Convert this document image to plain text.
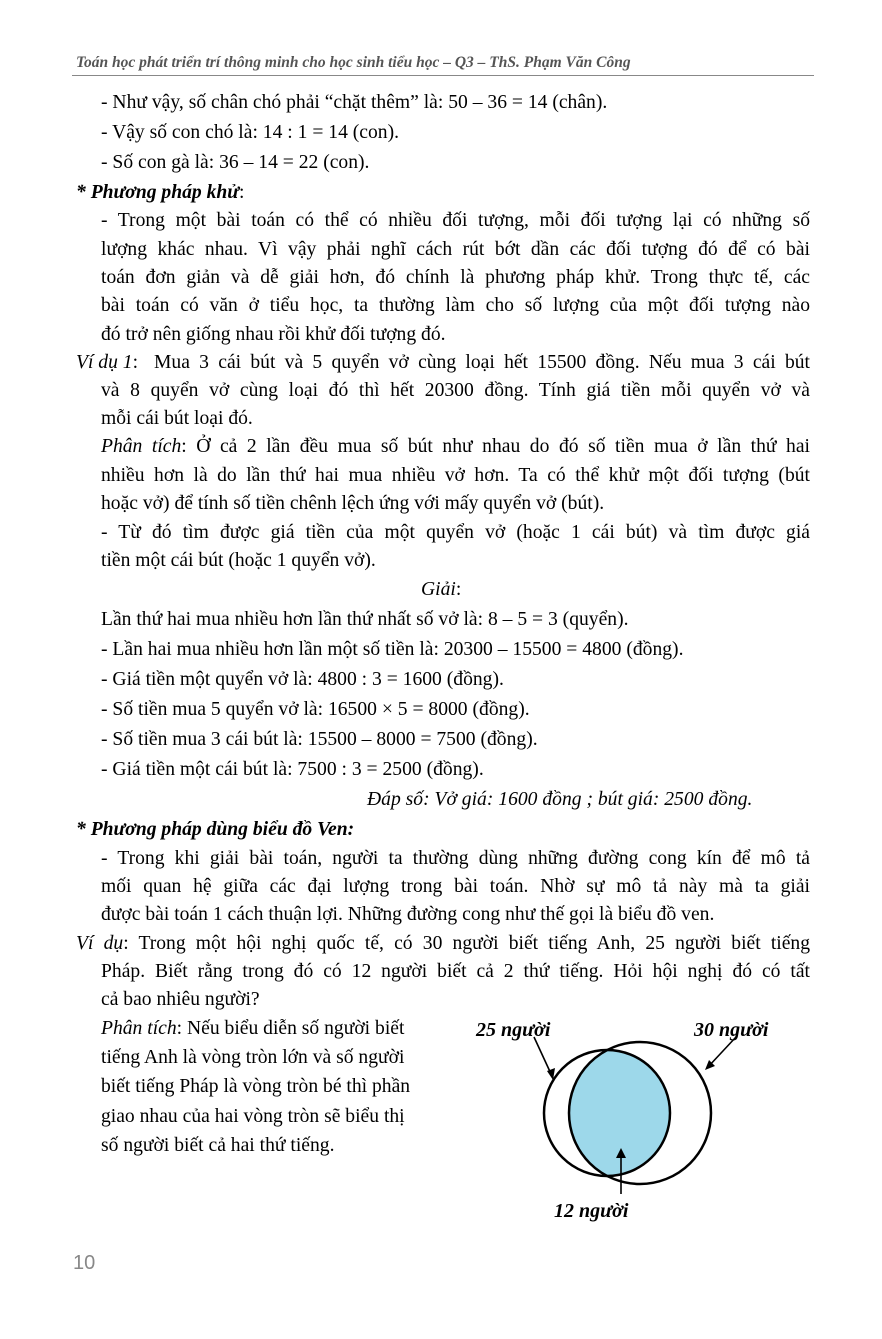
Toán học phát triển trí thông minh cho học sinh tiểu học – Q3 – ThS. Phạm Văn Công
- Như vậy, số chân chó phải “chặt thêm” là: 50 – 36 = 14 (chân).
- Vậy số con chó là: 14 : 1 = 14 (con).
- Số con gà là: 36 – 14 = 22 (con).
* Phương pháp khử:
- Trong một bài toán có thể có nhiều đối tượng, mỗi đối tượng lại có những số
lượng khác nhau. Vì vậy phải nghĩ cách rút bớt dần các đối tượng đó để có bài
toán đơn giản và dễ giải hơn, đó chính là phương pháp khử. Trong thực tế, các
bài toán có văn ở tiểu học, ta thường làm cho số lượng của một đối tượng nào
đó trở nên giống nhau rồi khử đối tượng đó.
Ví dụ 1: Mua 3 cái bút và 5 quyển vở cùng loại hết 15500 đồng. Nếu mua 3 cái bút
và 8 quyển vở cùng loại đó thì hết 20300 đồng. Tính giá tiền mỗi quyển vở và
mỗi cái bút loại đó.
Phân tích: Ở cả 2 lần đều mua số bút như nhau do đó số tiền mua ở lần thứ hai
nhiều hơn là do lần thứ hai mua nhiều vở hơn. Ta có thể khử một đối tượng (bút
hoặc vở) để tính số tiền chênh lệch ứng với mấy quyển vở (bút).
- Từ đó tìm được giá tiền của một quyển vở (hoặc 1 cái bút) và tìm được giá
tiền một cái bút (hoặc 1 quyển vở).
Giải:
Lần thứ hai mua nhiều hơn lần thứ nhất số vở là: 8 – 5 = 3 (quyển).
- Lần hai mua nhiều hơn lần một số tiền là: 20300 – 15500 = 4800 (đồng).
- Giá tiền một quyển vở là: 4800 : 3 = 1600 (đồng).
- Số tiền mua 5 quyển vở là: 16500 × 5 = 8000 (đồng).
- Số tiền mua 3 cái bút là: 15500 – 8000 = 7500 (đồng).
- Giá tiền một cái bút là: 7500 : 3 = 2500 (đồng).
Đáp số: Vở giá: 1600 đồng ; bút giá: 2500 đồng.
* Phương pháp dùng biểu đồ Ven:
- Trong khi giải bài toán, người ta thường dùng những đường cong kín để mô tả
mối quan hệ giữa các đại lượng trong bài toán. Nhờ sự mô tả này mà ta giải
được bài toán 1 cách thuận lợi. Những đường cong như thế gọi là biểu đồ ven.
Ví dụ: Trong một hội nghị quốc tế, có 30 người biết tiếng Anh, 25 người biết tiếng
Pháp. Biết rằng trong đó có 12 người biết cả 2 thứ tiếng. Hỏi hội nghị đó có tất
cả bao nhiêu người?
Phân tích: Nếu biểu diễn số người biết
tiếng Anh là vòng tròn lớn và số người
biết tiếng Pháp là vòng tròn bé thì phần
giao nhau của hai vòng tròn sẽ biểu thị
số người biết cả hai thứ tiếng.
25 người	30 người
12 người
10
